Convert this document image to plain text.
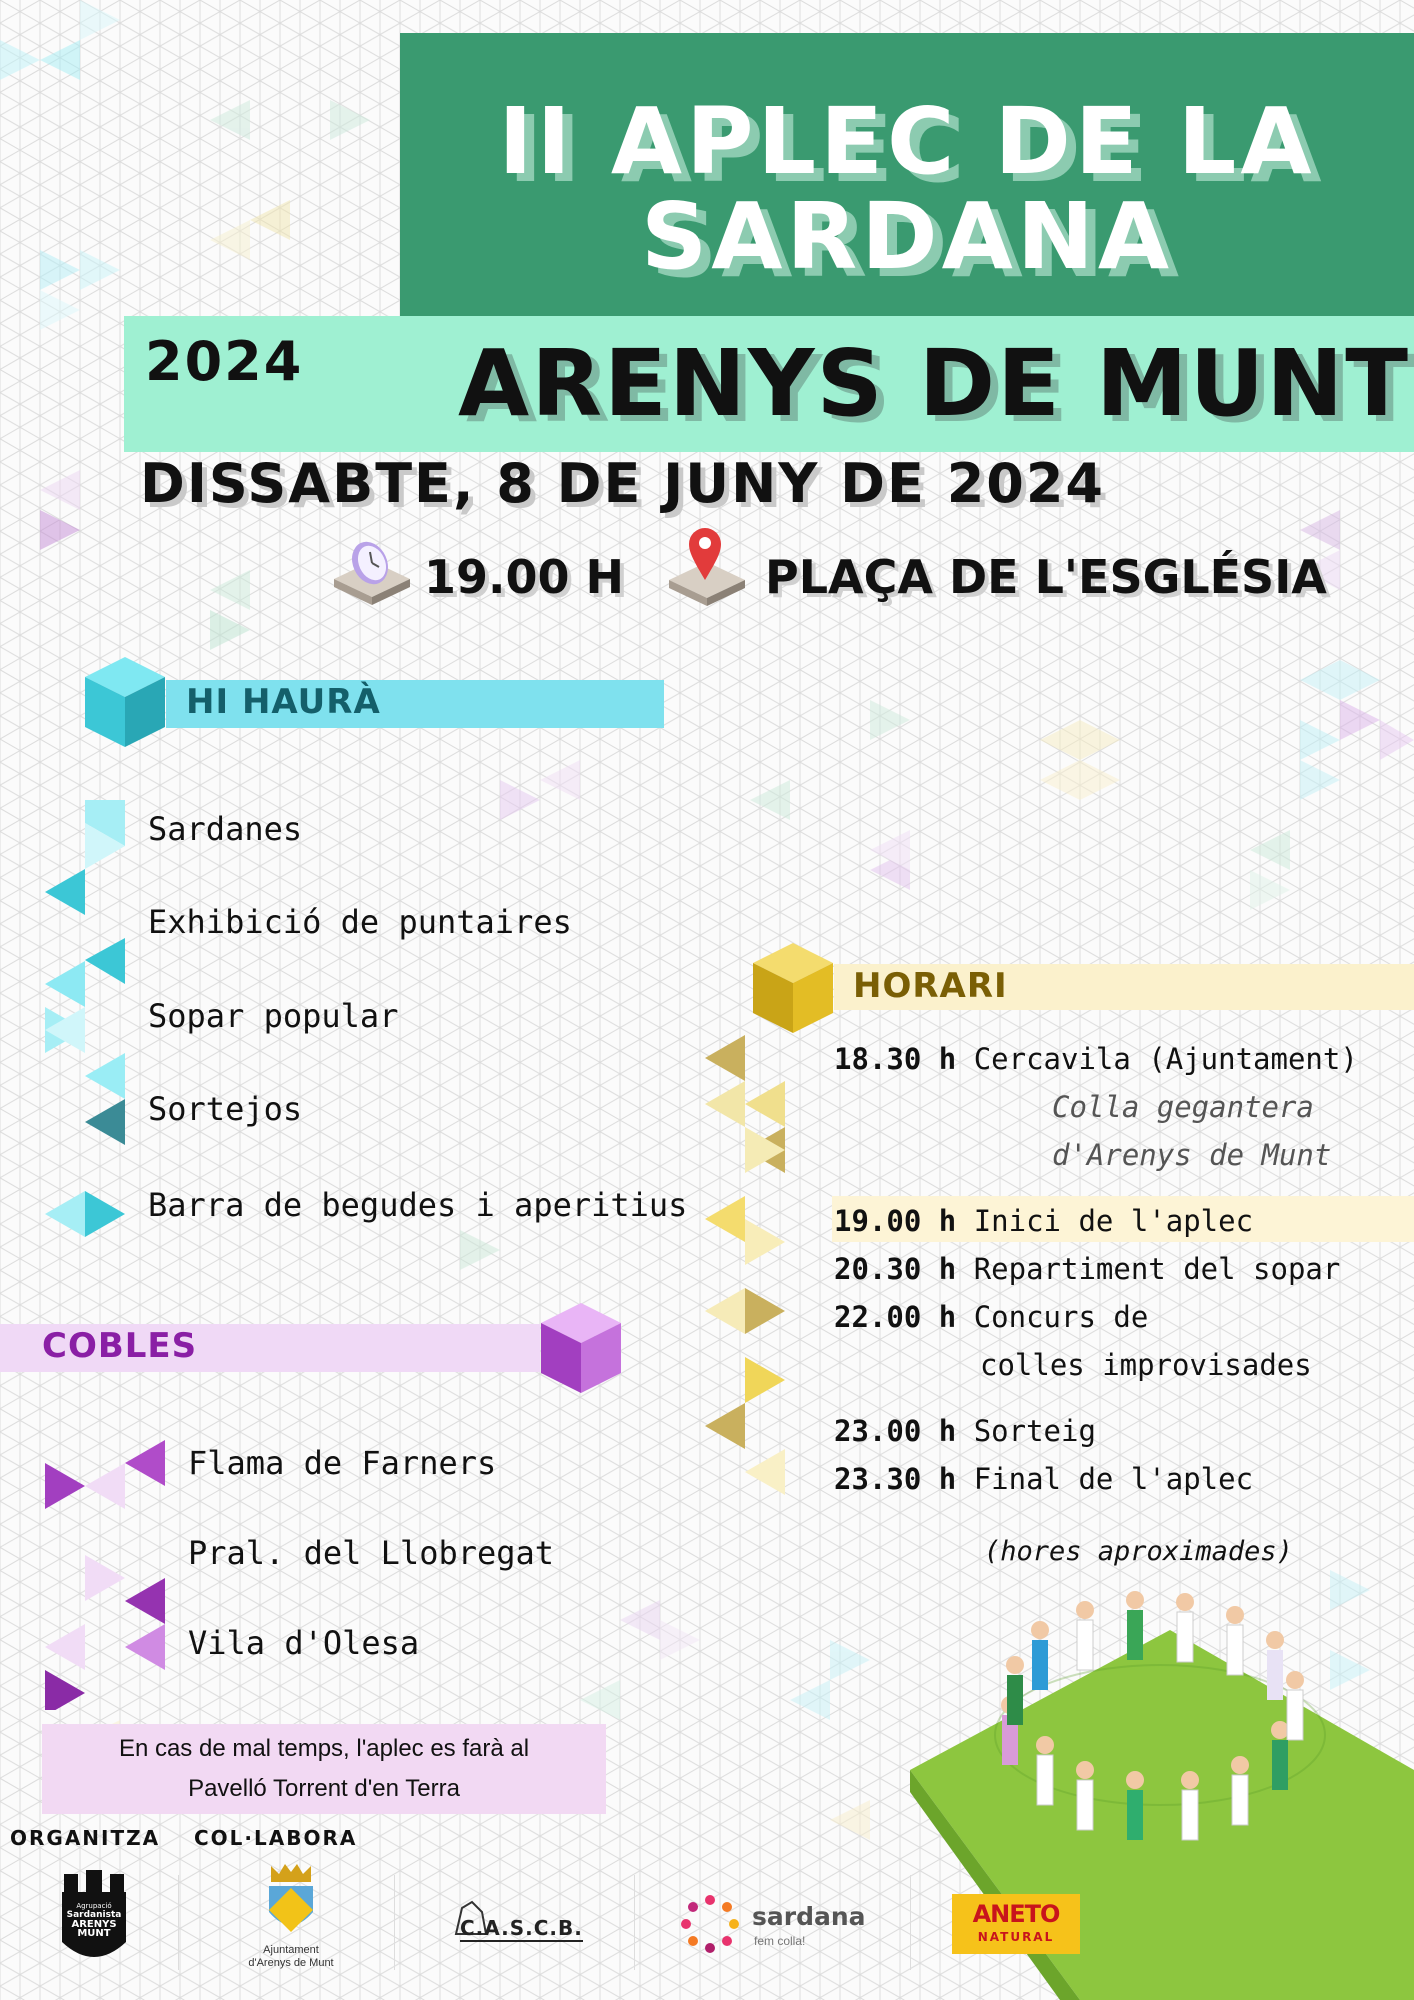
II APLEC DE LA
SARDANA
2024 ARENYS DE MUNT
DISSABTE, 8 DE JUNY DE 2024
19.00 H	PLAÇA DE L'ESGLÉSIA
HI HAURÀ
Sardanes
Exhibició de puntaires
Sopar popular
Sortejos
Barra de begudes i aperitius
HORARI
18.30 h Cercavila (Ajuntament)
Colla gegantera
d'Arenys de Munt
19.00 h Inici de l'aplec
20.30 h Repartiment del sopar
22.00 h Concurs de
colles improvisades
23.00 h Sorteig
23.30 h Final de l'aplec
(hores aproximades)
COBLES
Flama de Farners
Pral. del Llobregat
Vila d'Olesa
En cas de mal temps, l'aplec es farà al
Pavelló Torrent d'en Terra
ORGANITZA COL·LABORA
Agrupació
Sardanista
ARENYS
MUNT
Ajuntament
d'Arenys de Munt
C.A.S.C.B.	sardana
fem colla!
ANETO
NATURAL
